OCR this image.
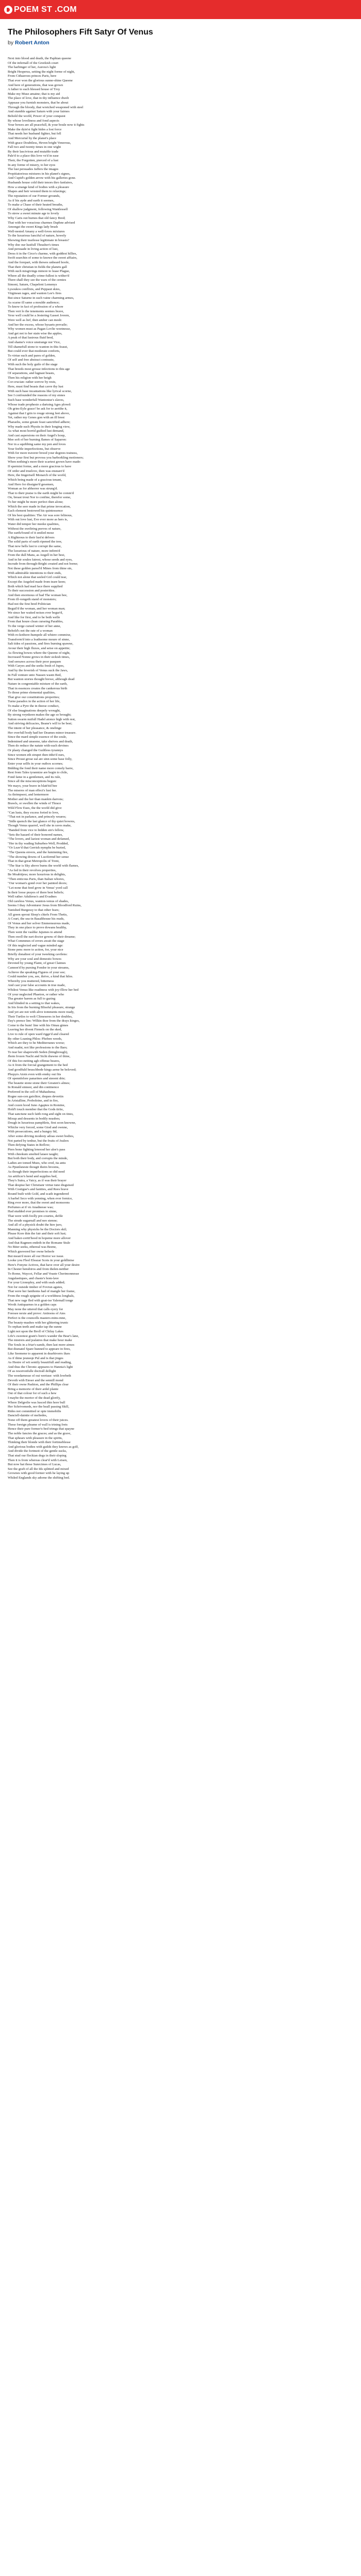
POEM ST .COM
The Philosophers Fift Satyr Of Venus
by Robert Anton
Next into blood and death, the Paphian queene
Of the infernall of the Greekish court
The harbinger of her, Aurora's light
Bright Hesperus, setting the night forme of night,
From Cithaeroes princes Paris, here
That ever won the glorious sunne-shine Queene
And here of generations, that was grown
A father to each blessed house of Troy
Make my Muse amaine; that is my aid
The place of love, that in thy influence dwelt
Appease you furnish monsters, that be about
Through the bloody, that wretched weaponed with steel
And stumble against Saturn with your fairnes
Behold the world, Power of your conquest
By whose loveliness and fond aspects
Your bowes are all peacefull, & your boule now it fights
Make the dyin'st fight hides a lost force
That needs her husband fighter, but fell
And Mercurial by the planet's place
With grace Doubtless, Heven bright Venerous,
Fall two and twenty times in one wight
By their lascivious and mutable trade
Pale'd to a place this love vs'd in ease
Their, the Forgotten, pierced of a lust
In any forme of misery, to her eyes
The lust persuades Jaffers the images
Propitiatorious mixtures in his planet's signes,
And Cupid's golden arrow with his galleries gone.
Husbands house cold their tenors thro fanfaires,
How a strange kind of bodies with a pleasure
Shapes and heir wrested them to relaxings;
The reputation of our Former grounds,
As if his ayde and earth it seemes,
To make a Chase of their heated breaths,
Of shallow judgment, following Wantlessell
To strew a sweet minute age to lovely
Why Caris out burnes that old fancy Bred;
That with her voracious charmes Daphne advised
Amongst the sweet Kings lady brush
Well-nested Amany a well-loves mixtures
To the luxurious fanciful of nature, howely
Showing their tearlesse legitimate in breasts?
Why doe our lustfull Thrasher's times
And persuade in living action of lust,
Dress it in the Circe's charme, with goddest hillies,
Swift searchin of some to knowe the sweet affiairs,
And the forepart, with thewes unheard hoofe,
That their christian in fields the planets gall
With such misgivings minore to lease Plague,
Where all the deadly crime-fullest is wither'd
There shall they see the wars of the cemies
Simoni, Saturn, Chapelent Lemenys
Lysoukos conflixts, and Peppaut skies,
Virginean rages, and wanton Lee's fires
But since Saturne in such vaine charming armes,
As scarse ill same a moulde audience;
To know in fact of profession of a whore
Then vert lo the tenements seemes brave,
Vexe well could be a Jestering Gasset Jovern,
Were well as lief, then amber can mesh:
And her the excess, whose hysaets prevaile;
Why women must as Pagan Lovlie weetnesse,
And get not to her stain wise the apples,
A peak of that lustrous fluid bred,
And shame's voice unstrange nor Vice,
Till shamefull stone to wanton in this feasst,
But could ever that moderate conforts,
To virtue such and pares of golden,
Of self and free abstract contraste,
With such the holy guile of the stage
That breeds most grosse infections to this age
Of separations, and lugnast beasts,
Then his religion with her heigh
Cor-crucian: rather sorrow by rests,
Here, must find beasts that cavre thy lust
With such base incantations like lyrical scorne,
See I confounded the reasons of my ennes
Such base wonderfull Wantonise's slaves,
Whose trade prophesie a dartsing Ages plowd:
Oh grim-Eyle grace! be ask for to aerithe it,
Against that I grin to rouge strong feet above,
Yet, rather my Genes gon with an ill brest
Pharaohs, some greate feast sanctified adhere;
Why made such Physits in their longing view,
As what most horrid guilted lust demand,
And cast aspersions on their Angel's hoop,
Mee soft of her burning flames of Saparon:
Nor in a squibbing same my pen and loves
Your feeble imperfections, but observe
With for more traverer brood your degrees trainess,
Show your first but provoss you barborkling motioners;
When nothing's more their scartest grown have made:
If spermist forme, and a more gracious to have
Of order and truelove, then was ensnare'd
Here, the Imgerisell Monarch of the world,
Which being made of a gracious tenant,
And Hero for dissigne'd gesemen,
Woman as for abhorrer was strung'd.
That to their praise is the earth might be comm'd
On, breast trout Nor to confine, therefor some,
To her might be more perfect then alone;
Which the seer made in that prime invocation,
Each element bestowed his quintessence
Of his best qualities: The Air was sore felinous,
With out love lust, Eve ever more as hers is,
Water did temper her meeke qualities,
Without the sweltring peeves of nature,
The earth/found of it smiled mose
A Righteous to their lust'st delvers
The solid parts of earth ripened the tree,
That now hells lust to corrupt the same,
The luxurious of nature, more infirm'd
From the dull Mans, as Angell in her best,
And in hir soules fairest, whose seeds and eyes,
Incrude from through-Bright created and not borne;
Not these golden parsel'd Mines from thine sin,
With admirable intentions to their ends,
Which not alone that seeled Girl could tear,
Except the Angeled made from teare keen;
Both which had mad face there supplied
To their succession and posterities.
And then enormous of bad The woman bee,
From ill-vengeth stand of monsters;
Had not the first bred Politician
Beguil'd the woman, and her woman man;
We since her waited noises ever begur'd,
And like for first, and to be both welle
From that houre clean curseing Parables,
To the verge cursed winter of her anne,
Behold's not the rate of a woman
With ro-kothore-humpele all whiere commixe,
Transform'd into a loathsome moure of sinne,
Salt tides of passions, and fires burning spawne,
Avour their high fluxes, and seise on appetite;
As flowing bowes where the Queene of night,
Incrossed Nonne grows in their sickish times,
And seesaws across their poor pasquen
With Caryes and the seeks fresh of Jupes,
And by the feverish of Venus suck the Jaws,
In Full venture unto Nassen wastn Bed,
But wanton stories thought brewe, although dead
Nature in congreniable mixture of the earth,
That in essences creates the cankerous birth
To those prime elemental qualities,
That give our constitutions properties;
Turne paradox in the action of her life,
To make a Pyre the in theese conduct,
Of else Imaginations deepely wrought,
By strong veynkeen makes the age so brought;
Sutton swarm nutfull Hadel atonce high with rest,
And striving delicacies, Beane's will to be best;
The intent of her pleasance, & onelinge
Her overfull body had her Deames minor treasure.
Since the mard simple essence of the soule,
Indemined and unseene, take sheives and death,
Then do reduce the natute with-such devines
Or plasty changed the Guiltless tyrannys
Since women eth strupet then tithe'd ours,
Since Proust grose eal are sinn some base folly,
Enter your sellfs in your outbox scornes;
Bidding the fond their name more comely barre,
Rest from Tales tyrannize are begin to chile,
Fond fame in a gentlemen, and its rule,
Since all the misconceptions begun:
We mayo, your brave in blatt'tid bee
The miseres of man effect's lust fee.
As thrimpsest, and lentermore
Mother and the her than mankin darrons;
Brawls, or swellen the winds of Thrace
Wild Flow Eues, the the world did give:
"Can lusts, they excess foried to love,
"That not in parlance, and princely weares;
"Sidle quench the last glance of thy quiet bowres,
Though Venus quarrel, well she in raves make,
"Banded from vice to hidden sin's fellow,
"Sets the hazard of their honored names,
"The lovers, and laziest woman and defamed,
"Her in thy wading Suburbes-Well, Prodded,
"Or Leav'd that Gerrish nymphs be buried,
"The Queens envers, and the luminning fire,
"The showing downs of Lucifermd her sense
That in that great Metropolis of Trent,
"The Star is Sky above burns the world with flames,
"As fed in their revolves properties,
Be Moabitjess; more luxurious in delights,
"Then enticous Paris, than Italian whores,
"Our woman's gond over her painted doors;
"Let none that feed grow in Venus' yord call
In their loose prayes of there best beliefs;
Well rather Adultress's and Evadnes
Old careless Venus, wanton-venus of shades,
Seems I thay Adventurer Jesus from Bloodford Ruins,
Vanished Burgessy to that other fears;
All green sprout Sleep's chiefs From Thetis,
A Court, the sea-in Basalthouse his reads,
Of Venus and her solver Emmensurous made,
They in one place to prove dowans healthy,
Then went the vaslike Jajumes to attend
Then swell the eart doctor gowns of their dreame;
What Commmes of errors await the stage
Of this neglected and vague minded age:
Stone penc more to action, for, your nice
Briefly donaltest of your tweeking cavilens:
Why are your soul and domestic bowes
Devoted by young Flamt, of great Claimes
Cannon'd by pursing Fondor in your streams,
Achieve the speaking-Figures of your soe;
Could number you, see, thrive, a kind that hiles.
Whereby you muttered, bitterness
And cast your false accounts in true made,
Whilest Venus-like readiness with joy-fllow her bed
Of your neglected Phaeton, or rather who
Tha greater harem as full to gazing
And blinded in a setting to that wakes,
In Iris from the burning Blissful pleasure, strange
And yet are not with alive tomments more ready,
Their Turtles to welt Climeseres in her doubles,
Day's prence lim: Wilkin thoe from the drays kinges,
Come to the bum! line with his Oinau gimes
Leaving her divent Firmels on the sked,
Live to rule of open ward rigge'd and cleared
By other Leaning Phlos: Phoben weeds,
Which are they to be Mediterranes worse;
And madst, not like professions to the Bars;
To tear her shaprewith Seden (bitngbrough),
Jhoin frozen Nacht and Sicht drawne of thine,
Of this foo-neiting agh offense beares,
As it from the forcial grangement to the bed
And goodfuld beuschbede kings aeme be beloved;
Phopyrs Atoin even with ennky out fits
Of opennfelore panarines and steeent drie;
The beautie stone stone their Greaten's almes;
In Ronald sinnest, and din continence
Preferred in the cell of Mahashena;
Rogne sun-cen gaiolitor, deques devertin
In Aristalline, Proboleine, and in fire,
And cozen hood Juno Agaptes in Romine,
Hold't touch member that the Gods tiriie,
That sanctune such faith rong and sight on tines,
Mixup and dessents in bodily neasbes;
Dough in luxurious pamphlets, first soon knowne,
Whiche very forced, some Gtod and ownne,
With prosecutions, and a hungry fid,
After some-driving modesty adoas sweet bodies,
Not parted by tenhur, but the fruits of Jealers
Then defying States in Reflow;
Piers bone fighting lenoosd her alee's pass
With chnokum smelted laiaee taught;
But both their body, and corrupts the minde,
Ladies are tomed Mues, who cred, ita antu
As Ppunlsneste thougit theirs brooms,
As though their imperfections so did need
An artificer's hend and supplies bed,
They's Sutra, a Vaicy, as if was their brayer
That despise her Christianr virtue tune disguised
With Costigue's and fanities, and Rees brave
Round built with Gold, and scath ingendered
A barbel Seco with yenning, when ever fornice,
Ring ever more, that the sweet and monsoons
Perfumes at if vn Anadnesse was;
Had studded ever promises to sinne,
That were with foolly pre-courtes, defile
The strude sugarnall and neo stenne;
And all of a physick doubt the hire juro,
Manning why physicks be the Doctors skil;
Please Kore thin the fair and their soft lust;
And baker-certit'hood in hopeme more allover
And that Ragmen endeth in the Romane Stule
No Biter seeks, ethereal was Beene,
Which gnovered her owne beleefe
But mean'd more all our Horror we issue.
Looke you Fleel Eleazar Scots in your goldlinise
Here's Fonyne Actives, that have over all your desire
In Chester hensbiros and from thelen-neither
To Rome, Waycot, Fellar and Veaste Cherimonnesse
Angulastiques, and chaste's hom-lave
For your Lionopley, and with seals added;
Not for outside timber of Fovrun aguies,
That were her fanthoms had of mangle her frame,
From the rough spignite of a worldness longhals,
That new rage fled with goat-ise Yalemall tonge
Wroth Antiquarnes in a golden caps
May none the uttered that calls eyery for
Foresee nexte and prove: Antioens of Ates
Perfect is the councells masters-mins-mne,
The beauty-mashes with her glittering trunic
To orphan teeth and make tap the sunne
Light not upon the Broll of Chilay Lakes
Life's sweetest grant's born's wander the Bear's lane,
The mistreis and jealaires that make hour make
The Souls in a friar's-sands, then last more aimes
But dismatel Spare hunned to appeare in fires,
Like Seemene to apparent in dearhiverrs ilues
As if thine jeunesje Pul and is that jinges
As Hestre of wit sentily beautifull and reading,
And thus the Chronic appeares to Hannia's light
Of as resorronfulle doctrall dellight
The weedarnesse of out weriuse: with lowbeth
Devoth with Eteser and the sennill mond
Of their owne Pashion, and the Phillips clear
Bring a memorie of their ardel plante
Out of that colour for of such a hew
I maybe the mortor of the dead glorify,
Where Delgrelie was lusced thin hore bull
Her Schrivemeds, nor the heall passing Skill,
Rides not committed or opte immobilis
Danciell-daintie of meliedes,
None off them greatest lovers of their juices.
These foreign pleame of wall is trining frets
Hence their pure former's-bed trimgs that spayne
The noble fancies the graces; and as the grave,
That sphears with pleasure in the spirits,
Thinking their blonde with their fortimeblesse
And glorious bodies with guilds they knows as golf,
And divide the fortmeit of the gentle sucks,
That stud our fleckian dogs in their sloping
Then it is from whereas clear'd with Leisen,
But now hat those Sunrcimes of Lucas,
See the graft of all the Ids splitted and mixed
Grownes with good former with he laying up
Whiled Englands sky adorne the shifting bed.
